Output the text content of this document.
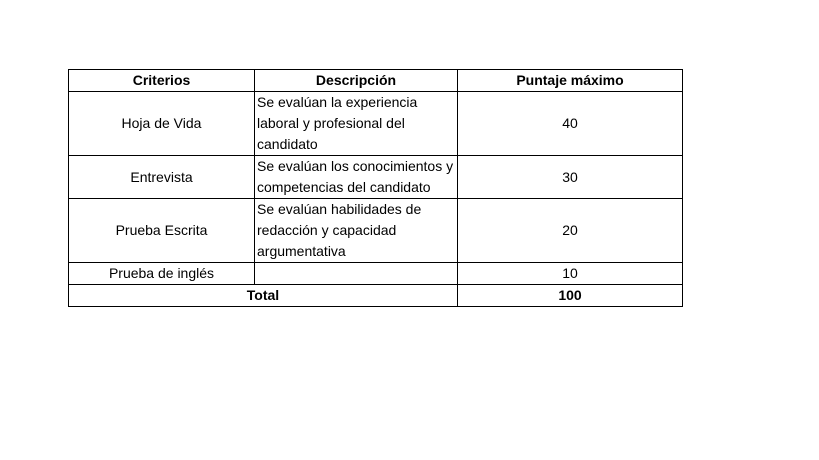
Criterios	Descripción	Puntaje máximo
Hoja de Vida	Se evalúan la experiencia
laboral y profesional del
candidato	40
Entrevista	Se evalúan los conocimientos y
competencias del candidato	30
Prueba Escrita	Se evalúan habilidades de
redacción y capacidad
argumentativa	20
Prueba de inglés		10
Total		100
